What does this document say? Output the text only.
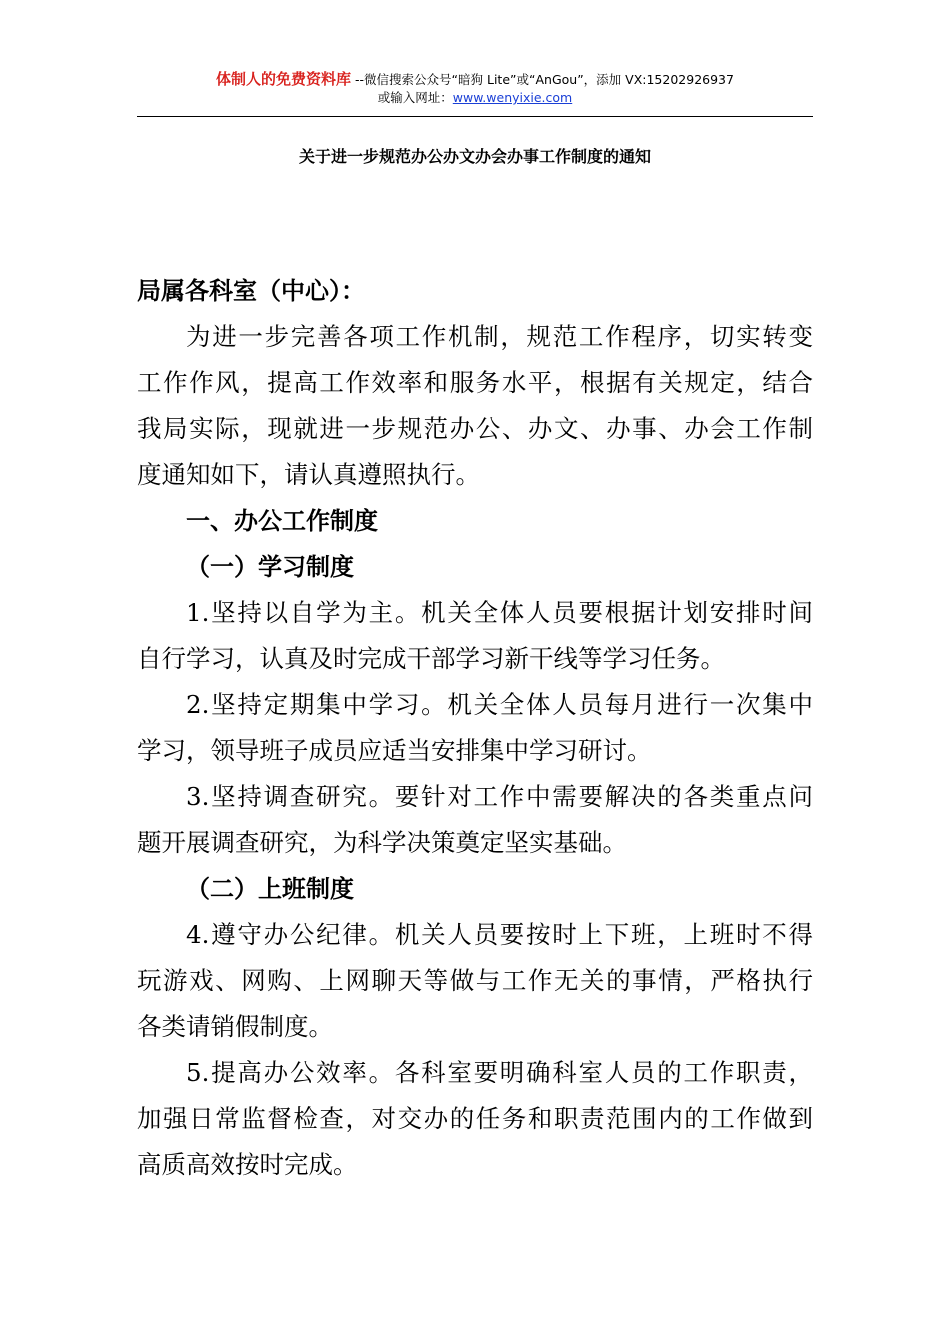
体制人的免费资料库 --微信搜索公众号“暗狗 Lite”或“AnGou”，添加 VX:15202926937
或输入网址：www.wenyixie.com
关于进一步规范办公办文办会办事工作制度的通知
局属各科室（中心）：
为进一步完善各项工作机制，规范工作程序，切实转变
工作作风，提高工作效率和服务水平，根据有关规定，结合
我局实际，现就进一步规范办公、办文、办事、办会工作制
度通知如下，请认真遵照执行。
一、办公工作制度
（一）学习制度
1.坚持以自学为主。机关全体人员要根据计划安排时间
自行学习，认真及时完成干部学习新干线等学习任务。
2.坚持定期集中学习。机关全体人员每月进行一次集中
学习，领导班子成员应适当安排集中学习研讨。
3.坚持调查研究。要针对工作中需要解决的各类重点问
题开展调查研究，为科学决策奠定坚实基础。
（二）上班制度
4.遵守办公纪律。机关人员要按时上下班，上班时不得
玩游戏、网购、上网聊天等做与工作无关的事情，严格执行
各类请销假制度。
5.提高办公效率。各科室要明确科室人员的工作职责，
加强日常监督检查，对交办的任务和职责范围内的工作做到
高质高效按时完成。
